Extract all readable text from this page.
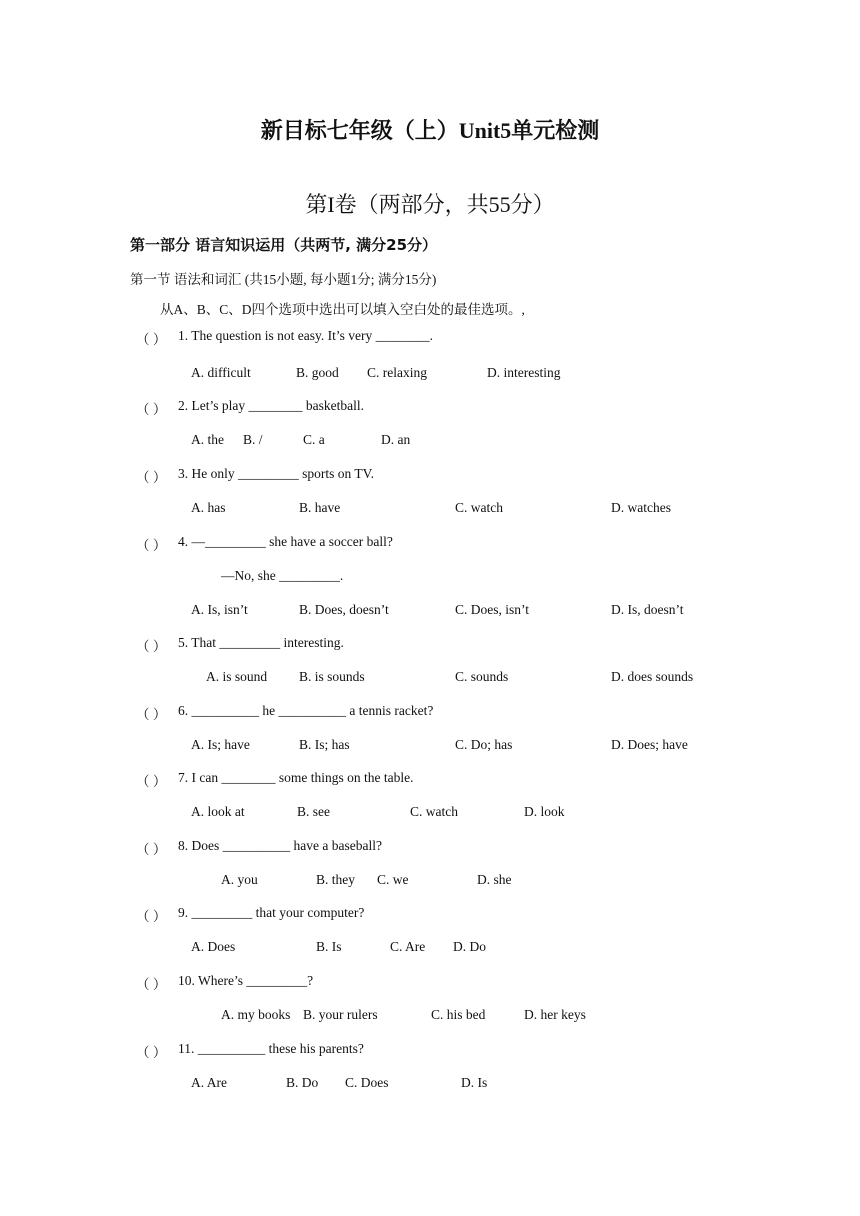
新目标七年级（上）Unit5单元检测
第I卷（两部分，共55分）
第一部分 语言知识运用（共两节, 满分25分）
第一节 语法和词汇 (共15小题, 每小题1分; 满分15分)
从A、B、C、D四个选项中选出可以填入空白处的最佳选项。,
（ ） 1. The question is not easy. It’s very ________.
A. difficult	B. good C. relaxing	D. interesting
（ ） 2. Let’s play ________ basketball.
A. the B. /	C. a	D. an
（ ） 3. He only _________ sports on TV.
A. has	B. have	C. watch	D. watches
（ ） 4. —_________ she have a soccer ball?
—No, she _________.
A. Is, isn’t	B. Does, doesn’t	C. Does, isn’t	D. Is, doesn’t
（ ） 5. That _________ interesting.
A. is sound B. is sounds	C. sounds	D. does sounds
（ ） 6. __________ he __________ a tennis racket?
A. Is; have	B. Is; has	C. Do; has	D. Does; have
（ ） 7. I can ________ some things on the table.
A. look at	B. see	C. watch	D. look
（ ） 8. Does __________ have a baseball?
A. you	B. they C. we	D. she
（ ） 9. _________ that your computer?
A. Does	B. Is	C. Are D. Do
（ ） 10. Where’s _________?
A. my books B. your rulers	C. his bed	D. her keys
（ ） 11. __________ these his parents?
A. Are	B. Do C. Does	D. Is
